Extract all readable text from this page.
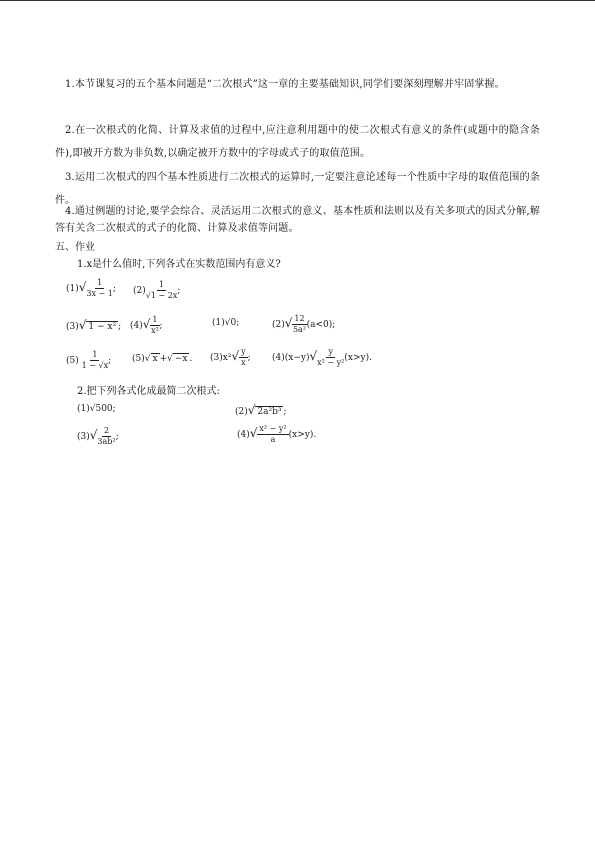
1.本节课复习的五个基本问题是“二次根式”这一章的主要基础知识,同学们要深刻理解并牢固掌握。
2.在一次根式的化简、计算及求值的过程中,应注意利用题中的使二次根式有意义的条件(或题中的隐含条件),即被开方数为非负数,以确定被开方数中的字母或式子的取值范围。
3.运用二次根式的四个基本性质进行二次根式的运算时,一定要注意论述每一个性质中字母的取值范围的条件。
4.通过例题的讨论,要学会综合、灵活运用二次根式的意义、基本性质和法则以及有关多项式的因式分解,解答有关含二次根式的式子的化简、计算及求值等问题。
五、作业
1.x是什么值时,下列各式在实数范围内有意义?
$(1)√ \frac{1}{3x - 1}$ ; $(2) \frac{1}{√1 - 2x}$ ;
(3)√ 1 − x² ; $(4)√ \frac{1}{\text{x²}}$ ;	(1)√0;	$(2)√ \frac{12}{\text{5a²}} (a<0)$;
$(5) \frac{1}{1 - √x}$ ; (5)√ x +√ −x . $(3)x^2√ \frac{y}{x}$ ; $(4)(x-y)√ \frac{y}{\text{x² − y²}} (x>y)$.
2.把下列各式化成最简二次根式:
(1)√500;	(2)√ 2a²b³ ;
$(3)√ \frac{2}{\text{3ab²}}$ ;	$(4)√ \frac{\text{x² − y²}}{a} (x>y)$.
